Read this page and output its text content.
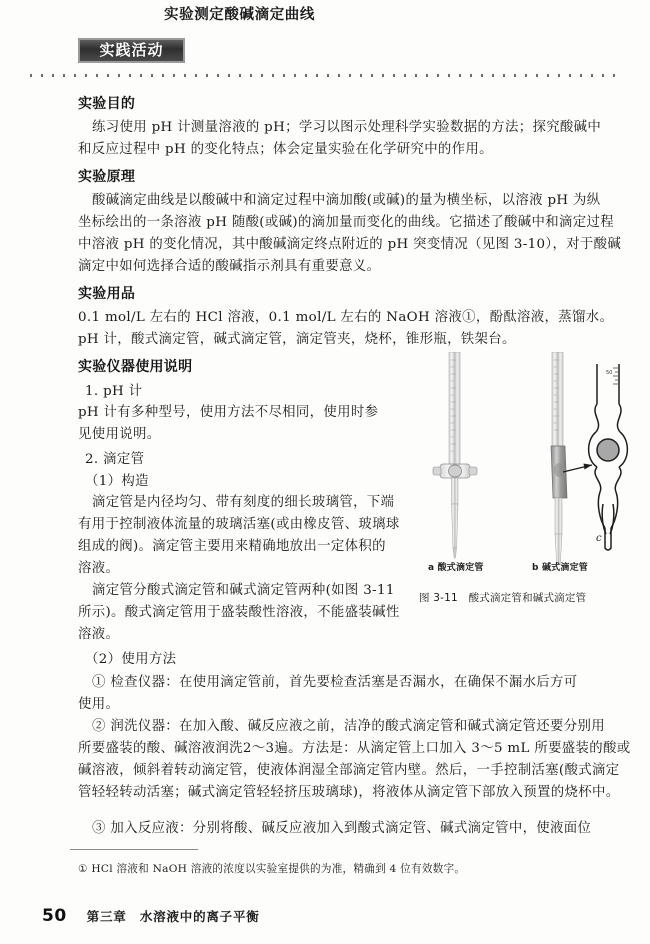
实践活动
实验测定酸碱滴定曲线
实验目的
练习使用 pH 计测量溶液的 pH；学习以图示处理科学实验数据的方法；探究酸碱中
和反应过程中 pH 的变化特点；体会定量实验在化学研究中的作用。
实验原理
酸碱滴定曲线是以酸碱中和滴定过程中滴加酸(或碱)的量为横坐标，以溶液 pH 为纵
坐标绘出的一条溶液 pH 随酸(或碱)的滴加量而变化的曲线。它描述了酸碱中和滴定过程
中溶液 pH 的变化情况，其中酸碱滴定终点附近的 pH 突变情况（见图 3-10），对于酸碱
滴定中如何选择合适的酸碱指示剂具有重要意义。
实验用品
0.1 mol/L 左右的 HCl 溶液，0.1 mol/L 左右的 NaOH 溶液①，酚酞溶液，蒸馏水。
pH 计，酸式滴定管，碱式滴定管，滴定管夹，烧杯，锥形瓶，铁架台。
实验仪器使用说明
1. pH 计
pH 计有多种型号，使用方法不尽相同，使用时参
见使用说明。
2. 滴定管
（1）构造
滴定管是内径均匀、带有刻度的细长玻璃管，下端
有用于控制液体流量的玻璃活塞(或由橡皮管、玻璃球
组成的阀)。滴定管主要用来精确地放出一定体积的
溶液。
滴定管分酸式滴定管和碱式滴定管两种(如图 3-11
所示)。酸式滴定管用于盛装酸性溶液，不能盛装碱性
溶液。
（2）使用方法
① 检查仪器：在使用滴定管前，首先要检查活塞是否漏水，在确保不漏水后方可
使用。
② 润洗仪器：在加入酸、碱反应液之前，洁净的酸式滴定管和碱式滴定管还要分别用
所要盛装的酸、碱溶液润洗2～3遍。方法是：从滴定管上口加入 3～5 mL 所要盛装的酸或
碱溶液，倾斜着转动滴定管，使液体润湿全部滴定管内壁。然后，一手控制活塞(酸式滴定
管轻轻转动活塞；碱式滴定管轻轻挤压玻璃球)，将液体从滴定管下部放入预置的烧杯中。
③ 加入反应液：分别将酸、碱反应液加入到酸式滴定管、碱式滴定管中，使液面位
50
c
a 酸式滴定管	b 碱式滴定管
图 3-11　酸式滴定管和碱式滴定管
① HCl 溶液和 NaOH 溶液的浓度以实验室提供的为准，精确到 4 位有效数字。
50 第三章　水溶液中的离子平衡
